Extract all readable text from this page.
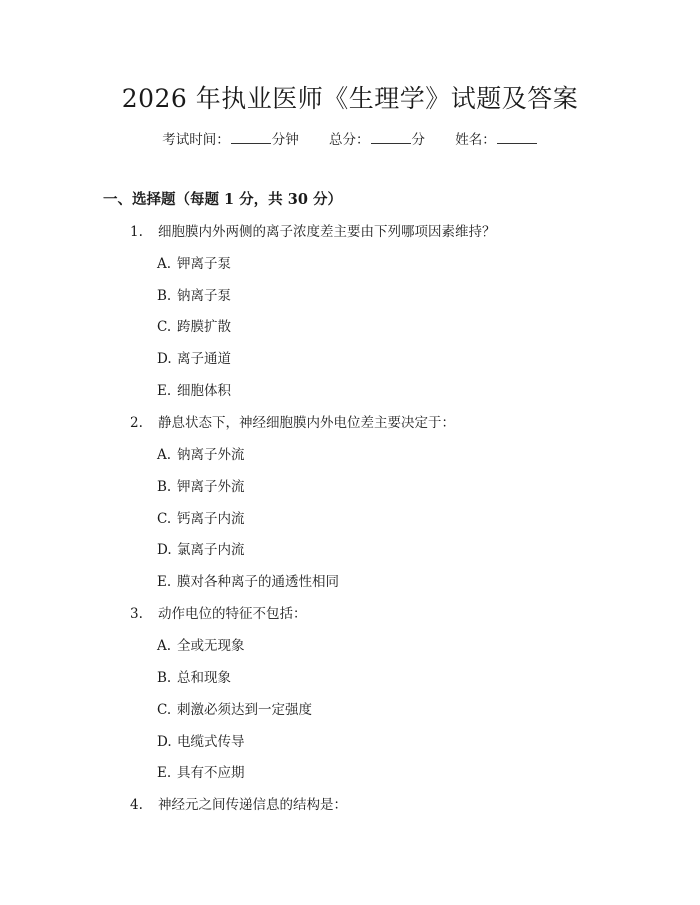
2026 年执业医师《生理学》试题及答案
考试时间：	分钟 总分：	分 姓名：
一、选择题（每题 1 分，共 30 分）
1. 细胞膜内外两侧的离子浓度差主要由下列哪项因素维持？
A. 钾离子泵
B. 钠离子泵
C. 跨膜扩散
D. 离子通道
E. 细胞体积
2. 静息状态下，神经细胞膜内外电位差主要决定于：
A. 钠离子外流
B. 钾离子外流
C. 钙离子内流
D. 氯离子内流
E. 膜对各种离子的通透性相同
3. 动作电位的特征不包括：
A. 全或无现象
B. 总和现象
C. 刺激必须达到一定强度
D. 电缆式传导
E. 具有不应期
4. 神经元之间传递信息的结构是：
